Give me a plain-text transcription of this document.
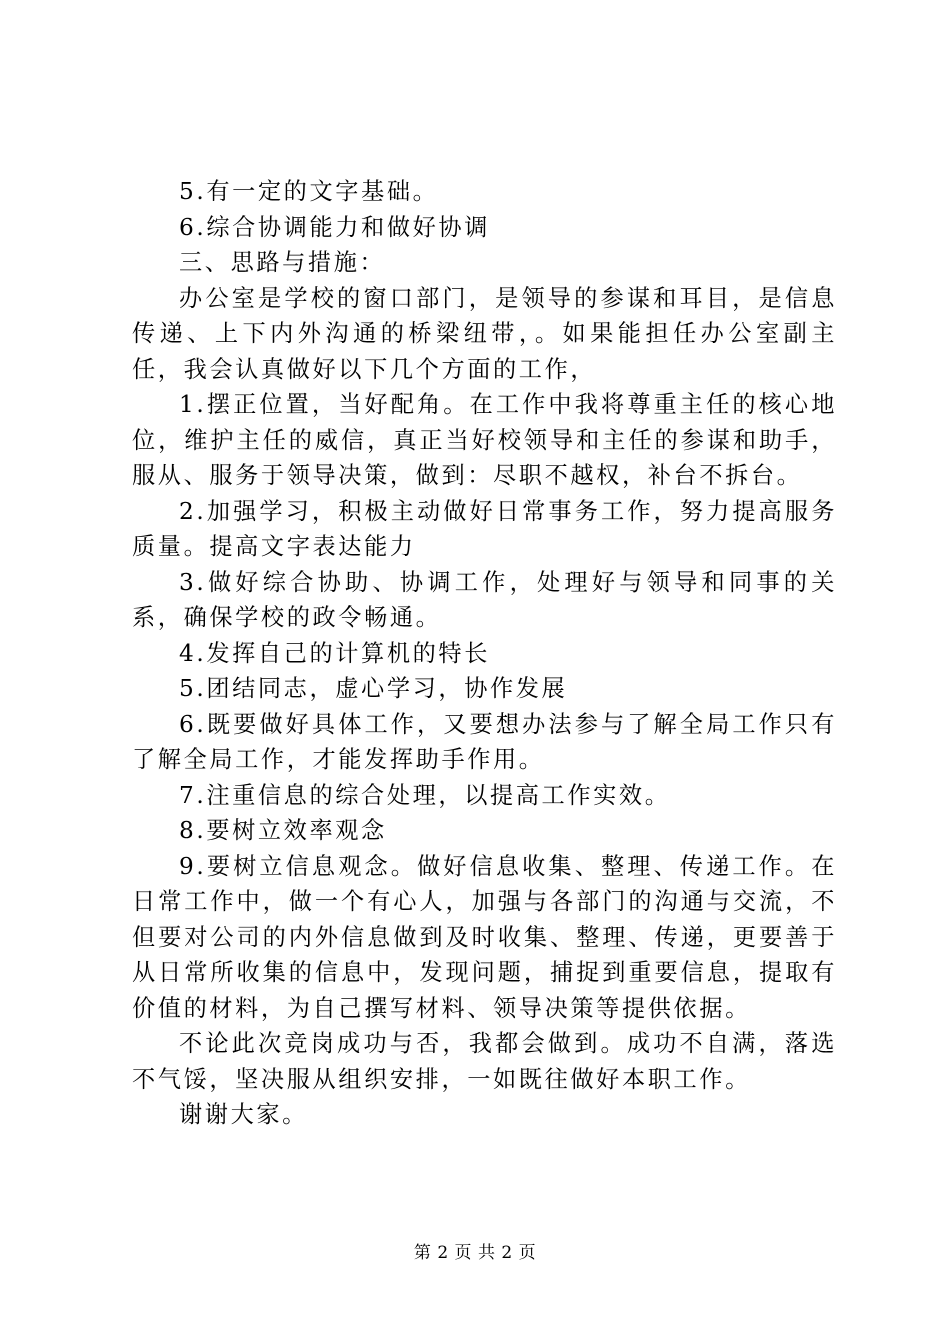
5.有一定的文字基础。

6.综合协调能力和做好协调

三、思路与措施：

办公室是学校的窗口部门，是领导的参谋和耳目，是信息传递、上下内外沟通的桥梁纽带，。如果能担任办公室副主任，我会认真做好以下几个方面的工作，

1.摆正位置，当好配角。在工作中我将尊重主任的核心地位，维护主任的威信，真正当好校领导和主任的参谋和助手，服从、服务于领导决策，做到：尽职不越权，补台不拆台。

2.加强学习，积极主动做好日常事务工作，努力提高服务质量。提高文字表达能力

3.做好综合协助、协调工作，处理好与领导和同事的关系，确保学校的政令畅通。

4.发挥自己的计算机的特长

5.团结同志，虚心学习，协作发展

6.既要做好具体工作，又要想办法参与了解全局工作只有了解全局工作，才能发挥助手作用。

7.注重信息的综合处理，以提高工作实效。

8.要树立效率观念

9.要树立信息观念。做好信息收集、整理、传递工作。在日常工作中，做一个有心人，加强与各部门的沟通与交流，不但要对公司的内外信息做到及时收集、整理、传递，更要善于从日常所收集的信息中，发现问题，捕捉到重要信息，提取有价值的材料，为自己撰写材料、领导决策等提供依据。

不论此次竞岗成功与否，我都会做到。成功不自满，落选不气馁，坚决服从组织安排，一如既往做好本职工作。

谢谢大家。

第 2 页 共 2 页
